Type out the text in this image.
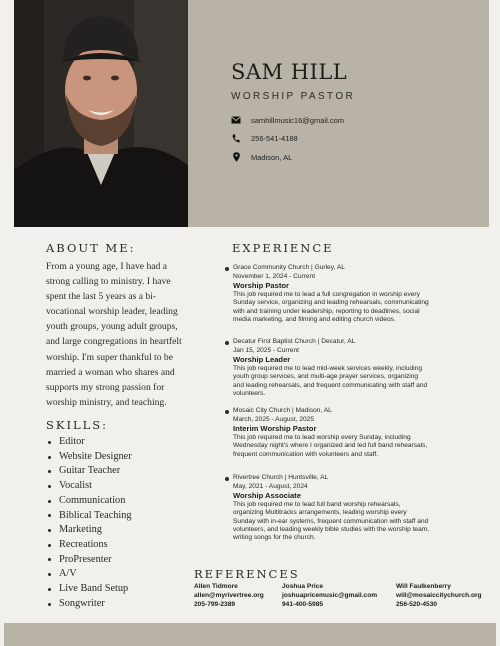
SAM HILL
WORSHIP PASTOR
samhillmusic16@gmail.com
256-541-4188
Madison, AL
ABOUT ME:
From a young age, I have had a strong calling to ministry. I have spent the last 5 years as a bi-vocational worship leader, leading youth groups, young adult groups, and large congregations in heartfelt worship. I'm super thankful to be married a woman who shares and supports my strong passion for worship ministry, and teaching.
SKILLS:
Editor
Website Designer
Guitar Teacher
Vocalist
Communication
Biblical Teaching
Marketing
Recreations
ProPresenter
A/V
Live Band Setup
Songwriter
EXPERIENCE
Grace Community Church | Gurley, AL
November 1, 2024 - Current
Worship Pastor
This job required me to lead a full congregation in worship every Sunday service, organizing and leading rehearsals, communicating with and training under leadership, reporting to deadlines, social media marketing, and filming and editing church videos.
Decatur First Baptist Church | Decatur, AL
Jan 15, 2025 - Current
Worship Leader
This job required me to lead mid-week services weekly, including youth group services, and multi-age prayer services, organizing and leading rehearsals, and frequent communicating with staff and volunteers.
Mosaic City Church | Madison, AL
March, 2025 - August, 2025
Interim Worship Pastor
This job required me to lead worship every Sunday, including Wednesday night's where I organized and led full band rehearsals, frequent communication with volunteers and staff.
Rivertree Church | Huntsville, AL
May, 2021 - August, 2024
Worship Associate
This job required me to lead full band worship rehearsals, organizing Multitracks arrangements, leading worship every Sunday with in-ear systems, frequent communication with staff and volunteers, and leading weekly bible studies with the worship team, writing songs for the church.
REFERENCES
Allen Tidmore
allen@myrivertree.org
205-799-2389
Joshua Price
joshuapricemusic@gmail.com
941-400-5985
Will Faulkenberry
will@mosaiccitychurch.org
256-520-4530
